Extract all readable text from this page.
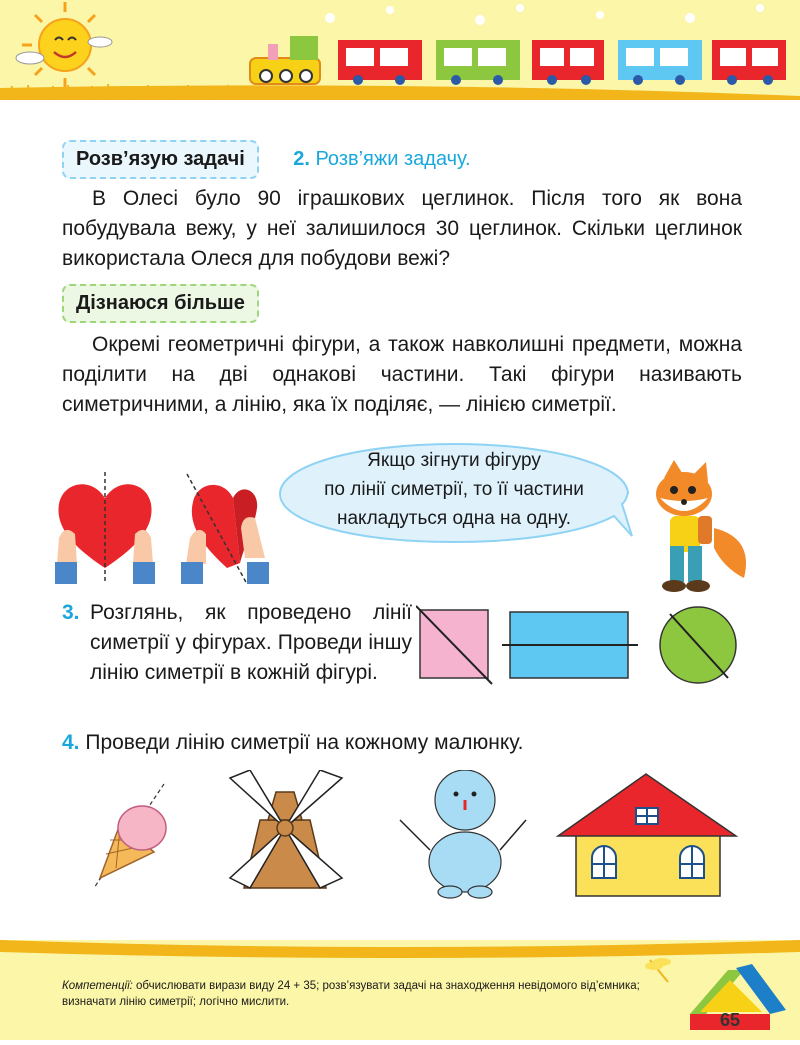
Розв’язую задачі 2. Розв’яжи задачу.

В Олесі було 90 іграшкових цеглинок. Після того як вона побудувала вежу, у неї залишилося 30 цеглинок. Скільки цеглинок використала Олеся для побудови вежі?

Дізнаюся більше

Окремі геометричні фігури, а також навколишні предмети, можна поділити на дві однакові частини. Такі фігури називають симетричними, а лінію, яка їх поділяє, — лінією симетрії.

Якщо зігнути фігуру
по лінії симетрії, то її частини
накладуться одна на одну.

3. Розглянь, як проведено лінії симетрії у фігурах. Проведи іншу лінію симетрії в кожній фігурі.

4. Проведи лінію симетрії на кожному малюнку.

Компетенції: обчислювати вирази виду 24 + 35; розв’язувати задачі на знаходження невідомого від’ємника; визначати лінію симетрії; логічно мислити.
65
